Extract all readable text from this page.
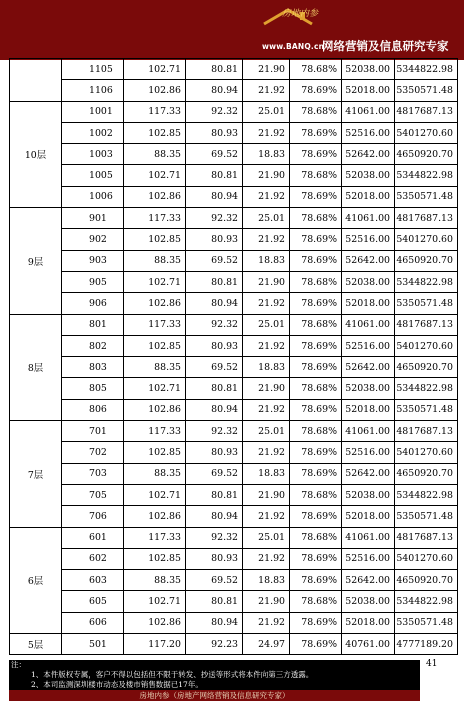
房地内参
www.BANQ.cn
网络营销及信息研究专家
	1105	102.71	80.81	21.90	78.68%	52038.00	5344822.98
	1106	102.86	80.94	21.92	78.69%	52018.00	5350571.48
10层	1001	117.33	92.32	25.01	78.68%	41061.00	4817687.13
	1002	102.85	80.93	21.92	78.69%	52516.00	5401270.60
	1003	88.35	69.52	18.83	78.69%	52642.00	4650920.70
	1005	102.71	80.81	21.90	78.68%	52038.00	5344822.98
	1006	102.86	80.94	21.92	78.69%	52018.00	5350571.48
9层	901	117.33	92.32	25.01	78.68%	41061.00	4817687.13
	902	102.85	80.93	21.92	78.69%	52516.00	5401270.60
	903	88.35	69.52	18.83	78.69%	52642.00	4650920.70
	905	102.71	80.81	21.90	78.68%	52038.00	5344822.98
	906	102.86	80.94	21.92	78.69%	52018.00	5350571.48
8层	801	117.33	92.32	25.01	78.68%	41061.00	4817687.13
	802	102.85	80.93	21.92	78.69%	52516.00	5401270.60
	803	88.35	69.52	18.83	78.69%	52642.00	4650920.70
	805	102.71	80.81	21.90	78.68%	52038.00	5344822.98
	806	102.86	80.94	21.92	78.69%	52018.00	5350571.48
7层	701	117.33	92.32	25.01	78.68%	41061.00	4817687.13
	702	102.85	80.93	21.92	78.69%	52516.00	5401270.60
	703	88.35	69.52	18.83	78.69%	52642.00	4650920.70
	705	102.71	80.81	21.90	78.68%	52038.00	5344822.98
	706	102.86	80.94	21.92	78.69%	52018.00	5350571.48
6层	601	117.33	92.32	25.01	78.68%	41061.00	4817687.13
	602	102.85	80.93	21.92	78.69%	52516.00	5401270.60
	603	88.35	69.52	18.83	78.69%	52642.00	4650920.70
	605	102.71	80.81	21.90	78.68%	52038.00	5344822.98
	606	102.86	80.94	21.92	78.69%	52018.00	5350571.48
5层	501	117.20	92.23	24.97	78.69%	40761.00	4777189.20
注：
1、本件版权专属，客户不得以包括但不限于转发、抄送等形式将本件向第三方透露。
2、本司监测深圳楼市动态及楼市销售数据已17年。
房地内参（房地产网络营销及信息研究专家）
41
